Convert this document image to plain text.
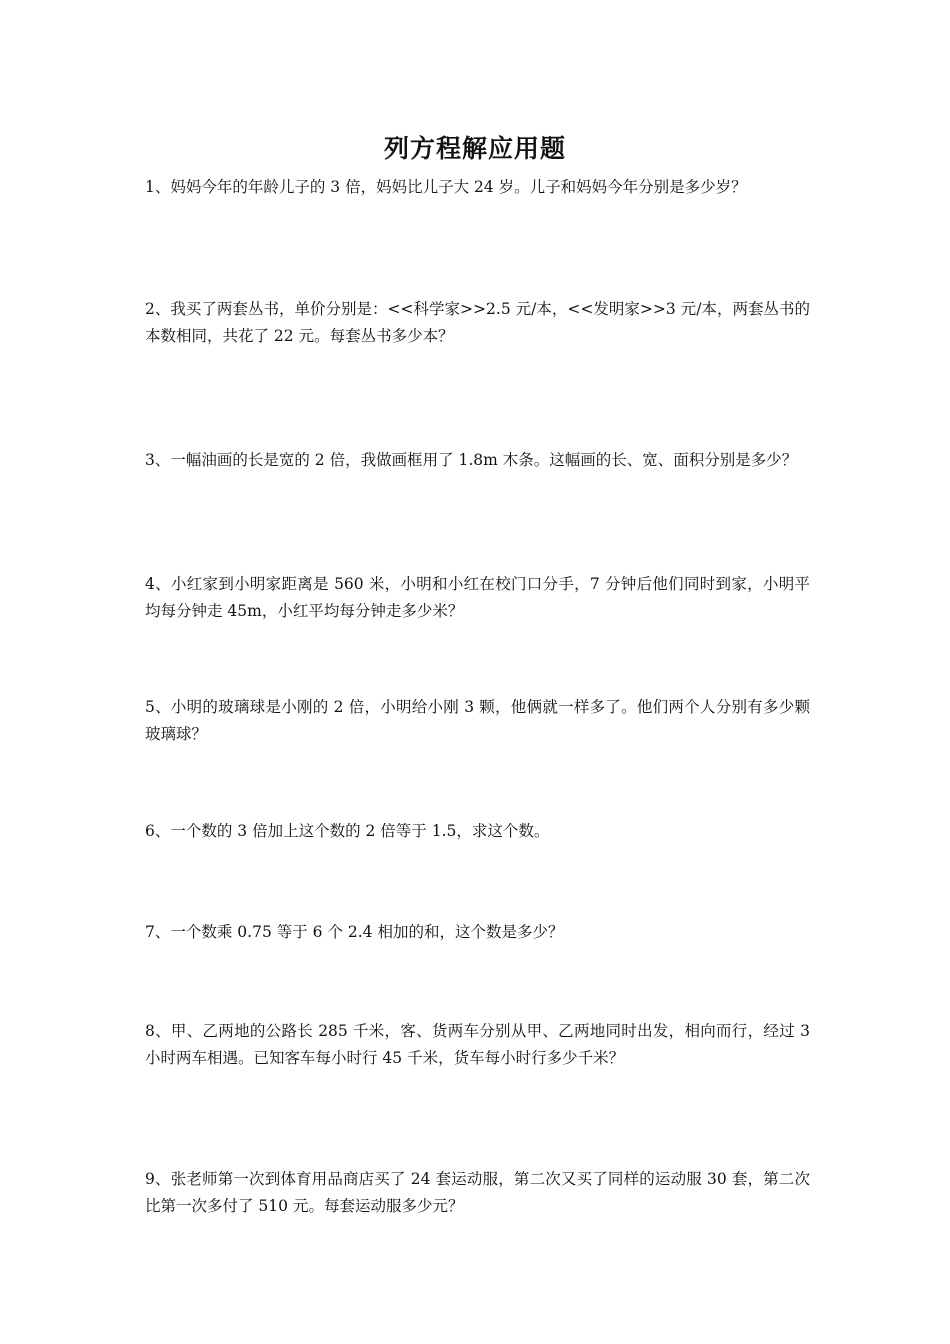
列方程解应用题
1、妈妈今年的年龄儿子的 3 倍，妈妈比儿子大 24 岁。儿子和妈妈今年分别是多少岁？
2、我买了两套丛书，单价分别是：<<科学家>>2.5 元/本，<<发明家>>3 元/本，两套丛书的本数相同，共花了 22 元。每套丛书多少本？
3、一幅油画的长是宽的 2 倍，我做画框用了 1.8m 木条。这幅画的长、宽、面积分别是多少？
4、小红家到小明家距离是 560 米，小明和小红在校门口分手，7 分钟后他们同时到家，小明平均每分钟走 45m，小红平均每分钟走多少米？
5、小明的玻璃球是小刚的 2 倍，小明给小刚 3 颗，他俩就一样多了。他们两个人分别有多少颗玻璃球？
6、一个数的 3 倍加上这个数的 2 倍等于 1.5，求这个数。
7、一个数乘 0.75 等于 6 个 2.4 相加的和，这个数是多少？
8、甲、乙两地的公路长 285 千米，客、货两车分别从甲、乙两地同时出发，相向而行，经过 3 小时两车相遇。已知客车每小时行 45 千米，货车每小时行多少千米？
9、张老师第一次到体育用品商店买了 24 套运动服，第二次又买了同样的运动服 30 套，第二次比第一次多付了 510 元。每套运动服多少元？
